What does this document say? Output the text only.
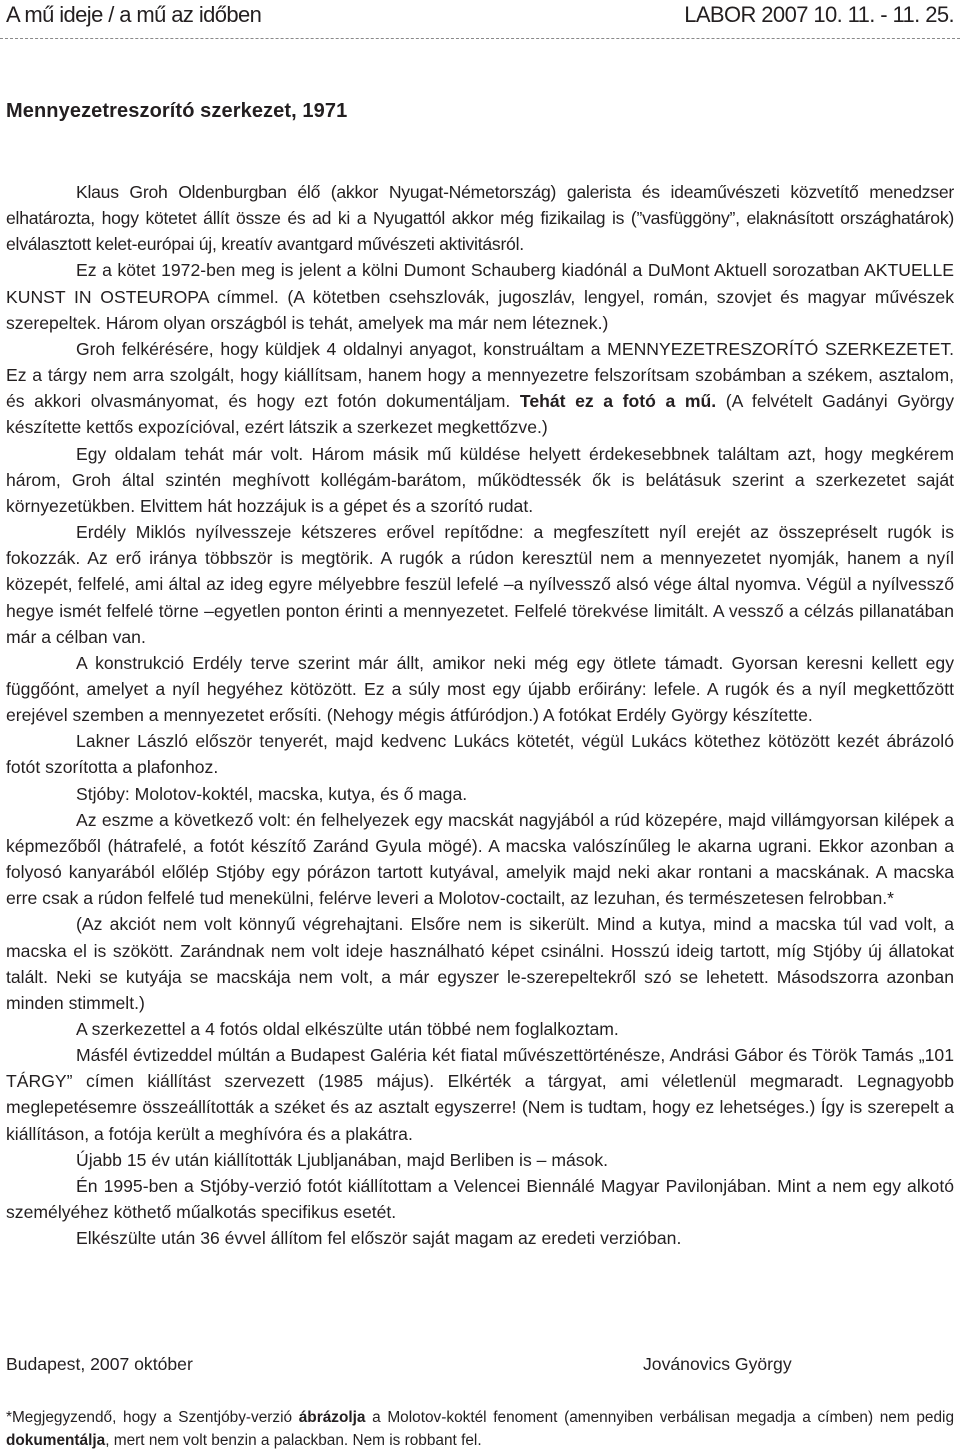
A mű ideje / a mű az időben	LABOR 2007 10. 11. - 11. 25.
Mennyezetreszorító szerkezet, 1971

Klaus Groh Oldenburgban élő (akkor Nyugat-Németország) galerista és ideaművészeti közvetítő menedzser elhatározta, hogy kötetet állít össze és ad ki a Nyugattól akkor még fizikailag is (”vasfüggöny”, elaknásított országhatárok) elválasztott kelet-európai új, kreatív avantgard művészeti aktivitásról.

Ez a kötet 1972-ben meg is jelent a kölni Dumont Schauberg kiadónál a DuMont Aktuell sorozatban AKTUELLE KUNST IN OSTEUROPA címmel. (A kötetben csehszlovák, jugoszláv, lengyel, román, szovjet és magyar művészek szerepeltek. Három olyan országból is tehát, amelyek ma már nem léteznek.)

Groh felkérésére, hogy küldjek 4 oldalnyi anyagot, konstruáltam a MENNYEZETRESZORÍTÓ SZERKEZETET. Ez a tárgy nem arra szolgált, hogy kiállítsam, hanem hogy a mennyezetre felszorítsam szobámban a székem, asztalom, és akkori olvasmányomat, és hogy ezt fotón dokumentáljam. Tehát ez a fotó a mű. (A felvételt Gadányi György készítette kettős expozícióval, ezért látszik a szerkezet megkettőzve.)

Egy oldalam tehát már volt. Három másik mű küldése helyett érdekesebbnek találtam azt, hogy megkérem három, Groh által szintén meghívott kollégám-barátom, működtessék ők is belátásuk szerint a szerkezetet saját környezetükben. Elvittem hát hozzájuk is a gépet és a szorító rudat.

Erdély Miklós nyílvesszeje kétszeres erővel repítődne: a megfeszített nyíl erejét az összepréselt rugók is fokozzák. Az erő iránya többször is megtörik. A rugók a rúdon keresztül nem a mennyezetet nyomják, hanem a nyíl közepét, felfelé, ami által az ideg egyre mélyebbre feszül lefelé –a nyílvessző alsó vége által nyomva. Végül a nyílvessző hegye ismét felfelé törne –egyetlen ponton érinti a mennyezetet. Felfelé törekvése limitált. A vessző a célzás pillanatában már a célban van.

A konstrukció Erdély terve szerint már állt, amikor neki még egy ötlete támadt. Gyorsan keresni kellett egy függőónt, amelyet a nyíl hegyéhez kötözött. Ez a súly most egy újabb erőirány: lefele. A rugók és a nyíl megkettőzött erejével szemben a mennyezetet erősíti. (Nehogy mégis átfúródjon.) A fotókat Erdély György készítette.

Lakner László először tenyerét, majd kedvenc Lukács kötetét, végül Lukács kötethez kötözött kezét ábrázoló fotót szorította a plafonhoz.

Stjóby: Molotov-koktél, macska, kutya, és ő maga.

Az eszme a következő volt: én felhelyezek egy macskát nagyjából a rúd közepére, majd villámgyorsan kilépek a képmezőből (hátrafelé, a fotót készítő Zaránd Gyula mögé). A macska valószínűleg le akarna ugrani. Ekkor azonban a folyosó kanyarából előlép Stjóby egy pórázon tartott kutyával, amelyik majd neki akar rontani a macskának. A macska erre csak a rúdon felfelé tud menekülni, felérve leveri a Molotov-coctailt, az lezuhan, és természetesen felrobban.*

(Az akciót nem volt könnyű végrehajtani. Elsőre nem is sikerült. Mind a kutya, mind a macska túl vad volt, a macska el is szökött. Zarándnak nem volt ideje használható képet csinálni. Hosszú ideig tartott, míg Stjóby új állatokat talált. Neki se kutyája se macskája nem volt, a már egyszer le-szerepeltekről szó se lehetett. Másodszorra azonban minden stimmelt.)

A szerkezettel a 4 fotós oldal elkészülte után többé nem foglalkoztam.

Másfél évtizeddel múltán a Budapest Galéria két fiatal művészettörténésze, Andrási Gábor és Török Tamás „101 TÁRGY” címen kiállítást szervezett (1985 május). Elkérték a tárgyat, ami véletlenül megmaradt. Legnagyobb meglepetésemre összeállították a széket és az asztalt egyszerre! (Nem is tudtam, hogy ez lehetséges.) Így is szerepelt a kiállításon, a fotója került a meghívóra és a plakátra.

Újabb 15 év után kiállították Ljubljanában, majd Berliben is – mások.

Én 1995-ben a Stjóby-verzió fotót kiállítottam a Velencei Biennálé Magyar Pavilonjában. Mint a nem egy alkotó személyéhez köthető műalkotás specifikus esetét.

Elkészülte után 36 évvel állítom fel először saját magam az eredeti verzióban.

Budapest, 2007 október	Jovánovics György

*Megjegyzendő, hogy a Szentjóby-verzió ábrázolja a Molotov-koktél fenoment (amennyiben verbálisan megadja a címben) nem pedig dokumentálja, mert nem volt benzin a palackban. Nem is robbant fel.
